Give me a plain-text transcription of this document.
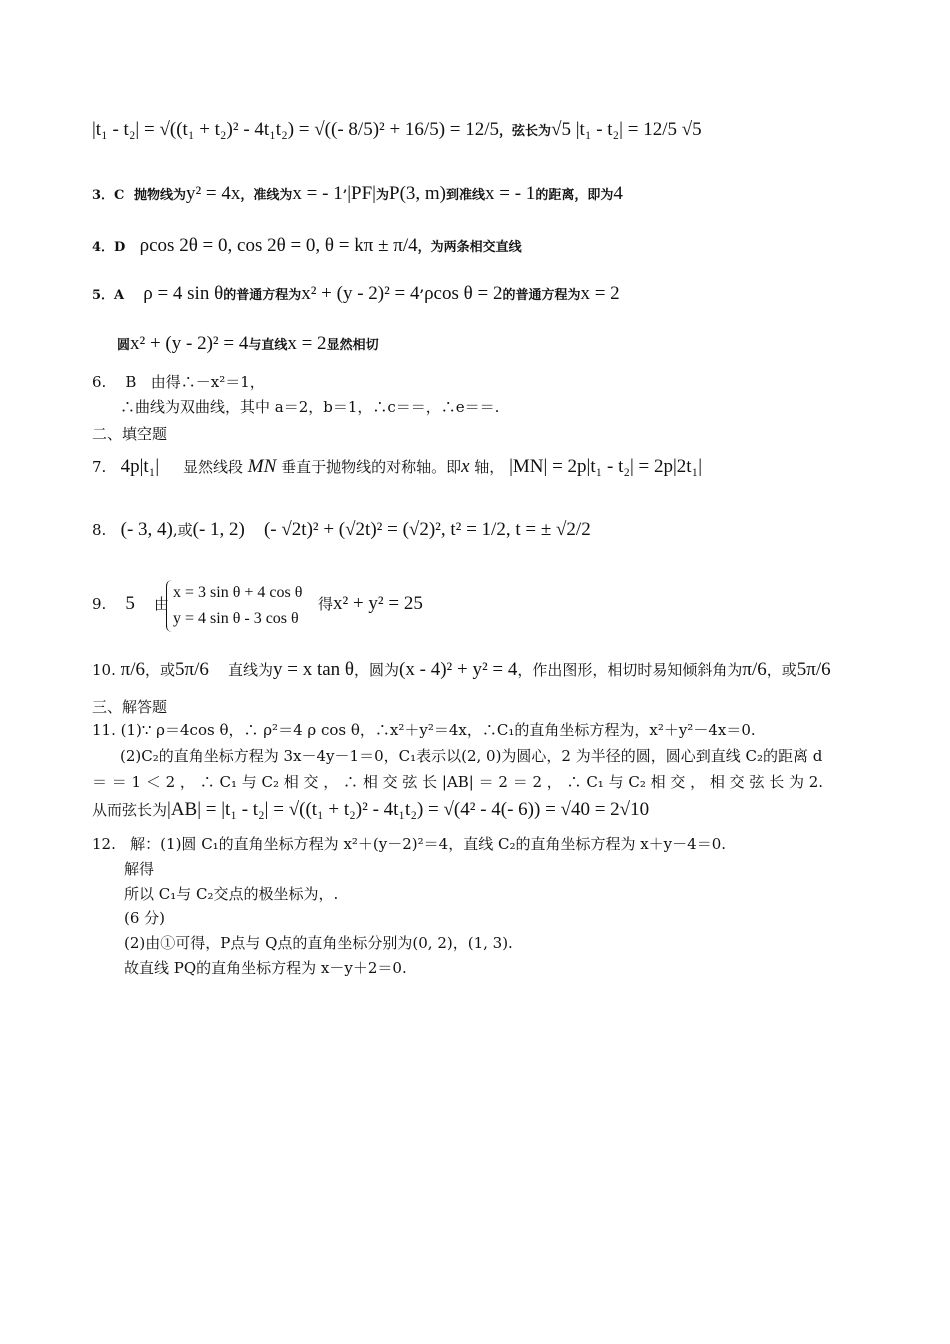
|t₁ - t₂| = √((t₁ + t₂)² - 4t₁t₂) = √((- 8/5)² + 16/5) = 12/5，弦长为√5 |t₁ - t₂| = 12/5 √5
3．C 抛物线为y² = 4x，准线为x = - 1’|PF|为P(3, m)到准线x = - 1的距离，即为4
4．D ρcos 2θ = 0, cos 2θ = 0, θ = kπ ± π/4，为两条相交直线
5．A ρ = 4 sin θ的普通方程为x² + (y - 2)² = 4’ρcos θ = 2的普通方程为x = 2
圆x² + (y - 2)² = 4与直线x = 2显然相切
6. B 由得∴－x²＝1，
∴曲线为双曲线，其中 a＝2，b＝1，∴c＝＝，∴e＝＝.
二、填空题
7. 4p|t₁| 显然线段 MN 垂直于抛物线的对称轴。即x 轴， |MN| = 2p|t₁ - t₂| = 2p|2t₁|
8. (- 3, 4),或(- 1, 2) (- √2t)² + (√2t)² = (√2)², t² = 1/2, t = ± √2/2
9. 5 由
x = 3 sin θ + 4 cos θ
y = 4 sin θ - 3 cos θ
得x² + y² = 25
10. π/6，或5π/6 直线为y = x tan θ，圆为(x - 4)² + y² = 4，作出图形，相切时易知倾斜角为π/6，或5π/6
三、解答题
11. (1)∵ ρ＝4cos θ，∴ ρ²＝4 ρ cos θ，∴x²＋y²＝4x，∴C₁的直角坐标方程为，x²＋y²－4x＝0.
(2)C₂的直角坐标方程为 3x－4y－1＝0，C₁表示以(2, 0)为圆心，2 为半径的圆，圆心到直线 C₂的距离 d
＝ ＝ 1 ＜ 2 ， ∴ C₁ 与 C₂ 相 交 ， ∴ 相 交 弦 长 |AB| ＝ 2 ＝ 2 ， ∴ C₁ 与 C₂ 相 交 ， 相 交 弦 长 为 2.
从而弦长为|AB| = |t₁ - t₂| = √((t₁ + t₂)² - 4t₁t₂) = √(4² - 4(- 6)) = √40 = 2√10
12. 解：(1)圆 C₁的直角坐标方程为 x²＋(y－2)²＝4，直线 C₂的直角坐标方程为 x＋y－4＝0.
解得
所以 C₁与 C₂交点的极坐标为，.
(6 分)
(2)由①可得，P点与 Q点的直角坐标分别为(0, 2)，(1, 3).
故直线 PQ的直角坐标方程为 x－y＋2＝0.
